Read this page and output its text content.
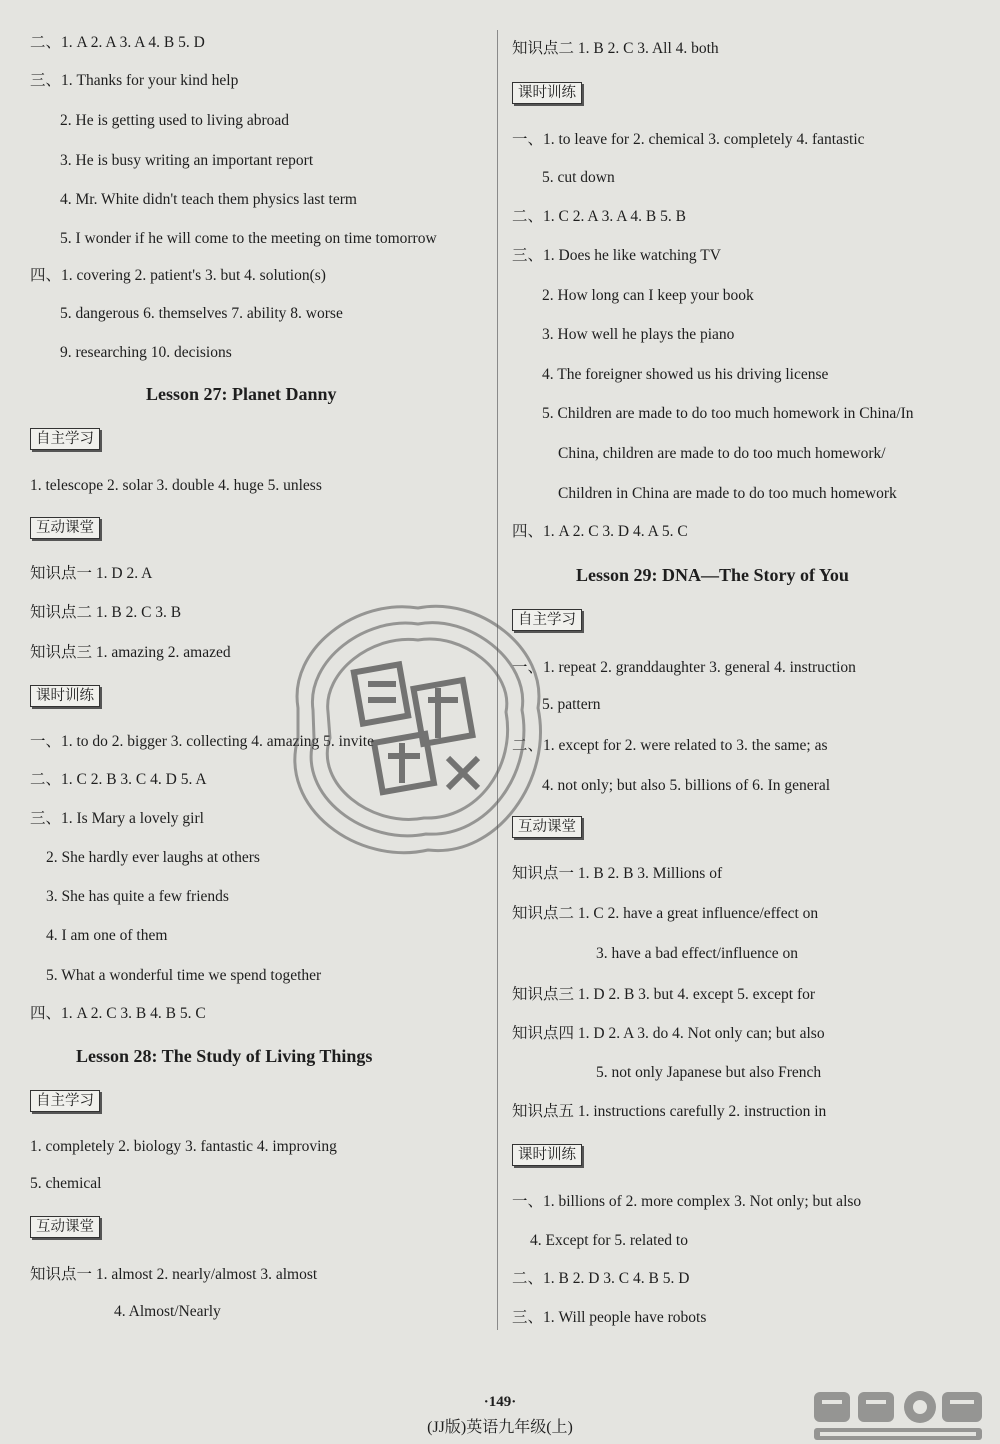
二、1. A 2. A 3. A 4. B 5. D
三、1. Thanks for your kind help
2. He is getting used to living abroad
3. He is busy writing an important report
4. Mr. White didn't teach them physics last term
5. I wonder if he will come to the meeting on time tomorrow
四、1. covering 2. patient's 3. but 4. solution(s)
5. dangerous 6. themselves 7. ability 8. worse
9. researching 10. decisions
Lesson 27: Planet Danny
自主学习
1. telescope 2. solar 3. double 4. huge 5. unless
互动课堂
知识点一 1. D 2. A
知识点二 1. B 2. C 3. B
知识点三 1. amazing 2. amazed
课时训练
一、1. to do 2. bigger 3. collecting 4. amazing 5. invite
二、1. C 2. B 3. C 4. D 5. A
三、1. Is Mary a lovely girl
2. She hardly ever laughs at others
3. She has quite a few friends
4. I am one of them
5. What a wonderful time we spend together
四、1. A 2. C 3. B 4. B 5. C
Lesson 28: The Study of Living Things
自主学习
1. completely 2. biology 3. fantastic 4. improving
5. chemical
互动课堂
知识点一 1. almost 2. nearly/almost 3. almost
4. Almost/Nearly
知识点二 1. B 2. C 3. All 4. both
课时训练
一、1. to leave for 2. chemical 3. completely 4. fantastic
5. cut down
二、1. C 2. A 3. A 4. B 5. B
三、1. Does he like watching TV
2. How long can I keep your book
3. How well he plays the piano
4. The foreigner showed us his driving license
5. Children are made to do too much homework in China/In
China, children are made to do too much homework/
Children in China are made to do too much homework
四、1. A 2. C 3. D 4. A 5. C
Lesson 29: DNA—The Story of You
自主学习
一、1. repeat 2. granddaughter 3. general 4. instruction
5. pattern
二、1. except for 2. were related to 3. the same; as
4. not only; but also 5. billions of 6. In general
互动课堂
知识点一 1. B 2. B 3. Millions of
知识点二 1. C 2. have a great influence/effect on
3. have a bad effect/influence on
知识点三 1. D 2. B 3. but 4. except 5. except for
知识点四 1. D 2. A 3. do 4. Not only can; but also
5. not only Japanese but also French
知识点五 1. instructions carefully 2. instruction in
课时训练
一、1. billions of 2. more complex 3. Not only; but also
4. Except for 5. related to
二、1. B 2. D 3. C 4. B 5. D
三、1. Will people have robots
·149·
(JJ版)英语九年级(上)
